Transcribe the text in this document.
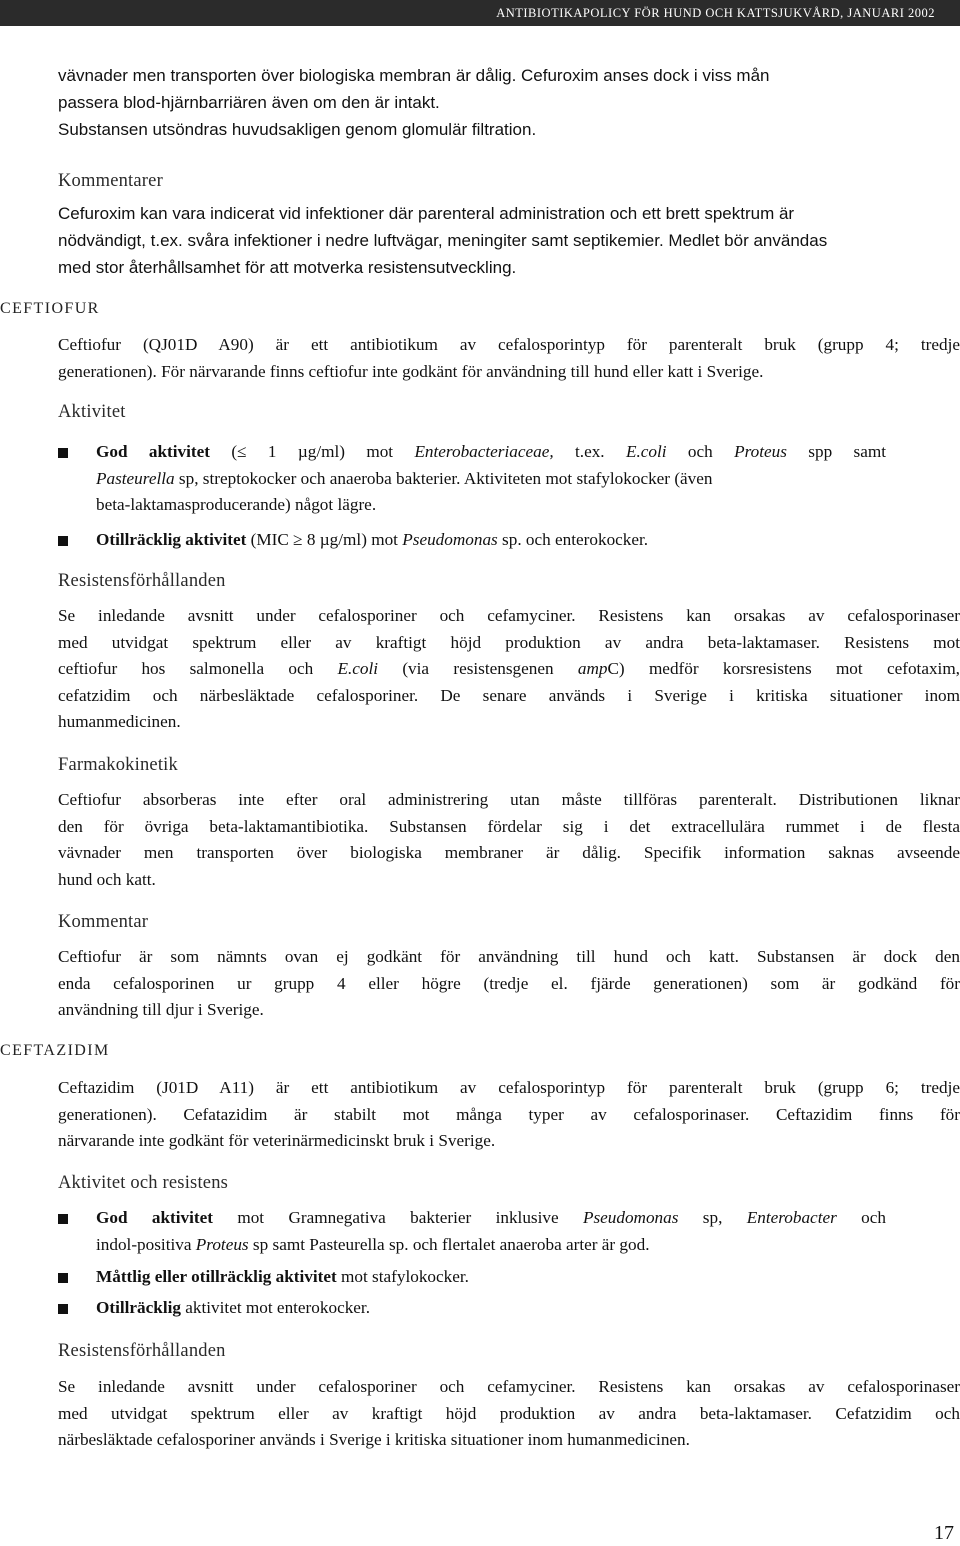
ANTIBIOTIKAPOLICY FÖR HUND OCH KATTSJUKVÅRD, JANUARI 2002
vävnader men transporten över biologiska membran är dålig. Cefuroxim anses dock i viss mån
passera blod-hjärnbarriären även om den är intakt.
Substansen utsöndras huvudsakligen genom glomulär filtration.
Kommentarer
Cefuroxim kan vara indicerat vid infektioner där parenteral administration och ett brett spektrum är
nödvändigt, t.ex. svåra infektioner i nedre luftvägar, meningiter samt septikemier. Medlet bör användas
med stor återhållsamhet för att motverka resistensutveckling.
CEFTIOFUR
Ceftiofur (QJ01D A90) är ett antibiotikum av cefalosporintyp för parenteralt bruk (grupp 4; tredje
generationen). För närvarande finns ceftiofur inte godkänt för användning till hund eller katt i Sverige.
Aktivitet
God aktivitet (≤ 1 µg/ml) mot Enterobacteriaceae, t.ex. E.coli och Proteus spp samt
Pasteurella sp, streptokocker och anaeroba bakterier. Aktiviteten mot stafylokocker (även
beta-laktamasproducerande) något lägre.
Otillräcklig aktivitet (MIC ≥ 8 µg/ml) mot Pseudomonas sp. och enterokocker.
Resistensförhållanden
Se inledande avsnitt under cefalosporiner och cefamyciner. Resistens kan orsakas av cefalosporinaser
med utvidgat spektrum eller av kraftigt höjd produktion av andra beta-laktamaser. Resistens mot
ceftiofur hos salmonella och E.coli (via resistensgenen ampC) medför korsresistens mot cefotaxim,
cefatzidim och närbesläktade cefalosporiner. De senare används i Sverige i kritiska situationer inom
humanmedicinen.
Farmakokinetik
Ceftiofur absorberas inte efter oral administrering utan måste tillföras parenteralt. Distributionen liknar
den för övriga beta-laktamantibiotika. Substansen fördelar sig i det extracellulära rummet i de flesta
vävnader men transporten över biologiska membraner är dålig. Specifik information saknas avseende
hund och katt.
Kommentar
Ceftiofur är som nämnts ovan ej godkänt för användning till hund och katt. Substansen är dock den
enda cefalosporinen ur grupp 4 eller högre (tredje el. fjärde generationen) som är godkänd för
användning till djur i Sverige.
CEFTAZIDIM
Ceftazidim (J01D A11) är ett antibiotikum av cefalosporintyp för parenteralt bruk (grupp 6; tredje
generationen). Cefatazidim är stabilt mot många typer av cefalosporinaser. Ceftazidim finns för
närvarande inte godkänt för veterinärmedicinskt bruk i Sverige.
Aktivitet och resistens
God aktivitet mot Gramnegativa bakterier inklusive Pseudomonas sp, Enterobacter och
indol-positiva Proteus sp samt Pasteurella sp. och flertalet anaeroba arter är god.
Måttlig eller otillräcklig aktivitet mot stafylokocker.
Otillräcklig aktivitet mot enterokocker.
Resistensförhållanden
Se inledande avsnitt under cefalosporiner och cefamyciner. Resistens kan orsakas av cefalosporinaser
med utvidgat spektrum eller av kraftigt höjd produktion av andra beta-laktamaser. Cefatzidim och
närbesläktade cefalosporiner används i Sverige i kritiska situationer inom humanmedicinen.
17
